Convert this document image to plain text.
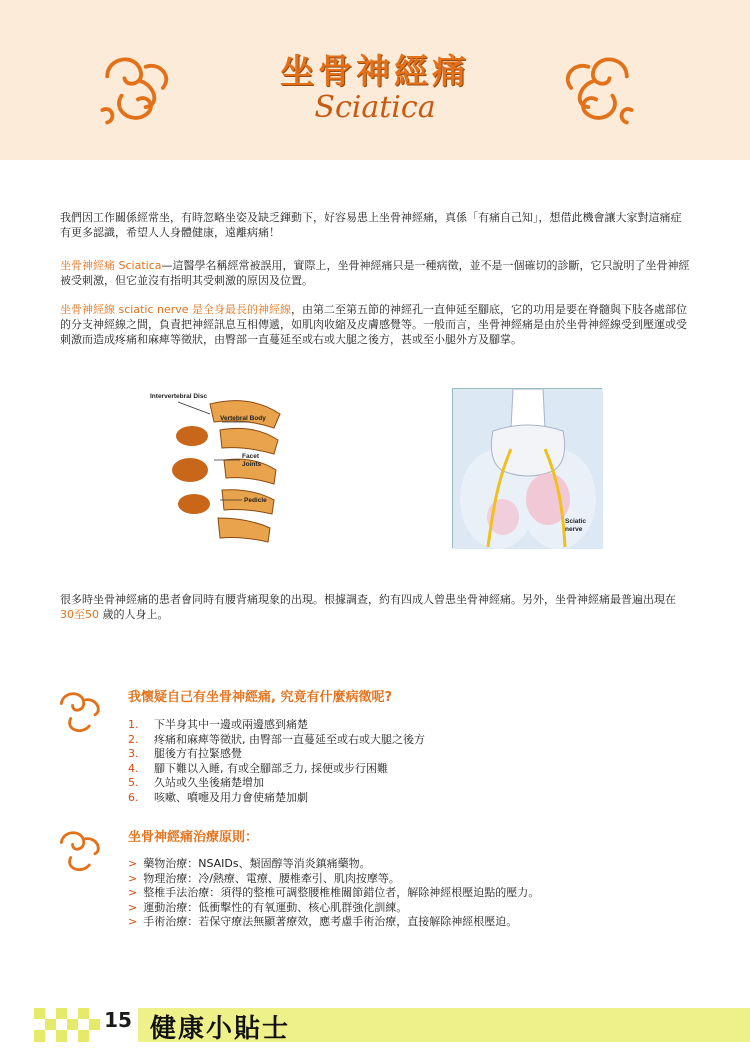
坐骨神經痛
Sciatica

我們因工作關係經常坐，有時忽略坐姿及缺乏鍕動下，好容易患上坐骨神經痛，真係「有痛自己知」，想借此機會讓大家對這痛症有更多認識，希望人人身體健康，遠離病痛！

坐骨神經痛 Sciatica—這醫學名稱經常被誤用，實際上，坐骨神經痛只是一種病徵，並不是一個確切的診斷，它只說明了坐骨神經被受刺激，但它並沒有指明其受刺激的原因及位置。

坐骨神經線 sciatic nerve 是全身最長的神經線，由第二至第五節的神經孔一直伸延至腳底，它的功用是要在脊髓與下肢各處部位的分支神經線之間，負責把神經訊息互相傳遞，如肌肉收縮及皮膚感覺等。一般而言，坐骨神經痛是由於坐骨神經線受到壓運或受刺激而造成疼痛和麻痺等徵狀，由臀部一直蔓延至或右或大腿之後方，甚或至小腿外方及腳掌。

Intervertebral Disc
Vertebral Body
Facet
Joints
Pedicle
Sciatic
nerve

很多時坐骨神經痛的患者會同時有腰背痛現象的出現。根據調查，約有四成人曾患坐骨神經痛。另外，坐骨神經痛最普遍出現在 30至50 歲的人身上。

我懷疑自己有坐骨神經痛, 究竟有什麼病徵呢?
1. 下半身其中一邊或兩邊感到痛楚
2. 疼痛和麻痺等徵狀, 由臀部一直蔓延至或右或大腿之後方
3. 腿後方有拉緊感覺
4. 腳下難以入睡, 有或全腳部乏力, 採便或步行困難
5. 久站或久坐後痛楚增加
6. 咳嗽、噴嚏及用力會使痛楚加劇
坐骨神經痛治療原則：
> 藥物治療：NSAIDs、類固醇等消炎鎮痛藥物。
> 物理治療：冷/熱療、電療、腰椎牽引、肌肉按摩等。
> 整椎手法治療：須得的整椎可調整腰椎椎關節錯位者，解除神經根壓迫點的壓力。
> 運動治療：低衝擊性的有氧運動、核心肌群強化訓練。
> 手術治療：若保守療法無顯著療效，應考慮手術治療，直接解除神經根壓迫。
15 健康小貼士
